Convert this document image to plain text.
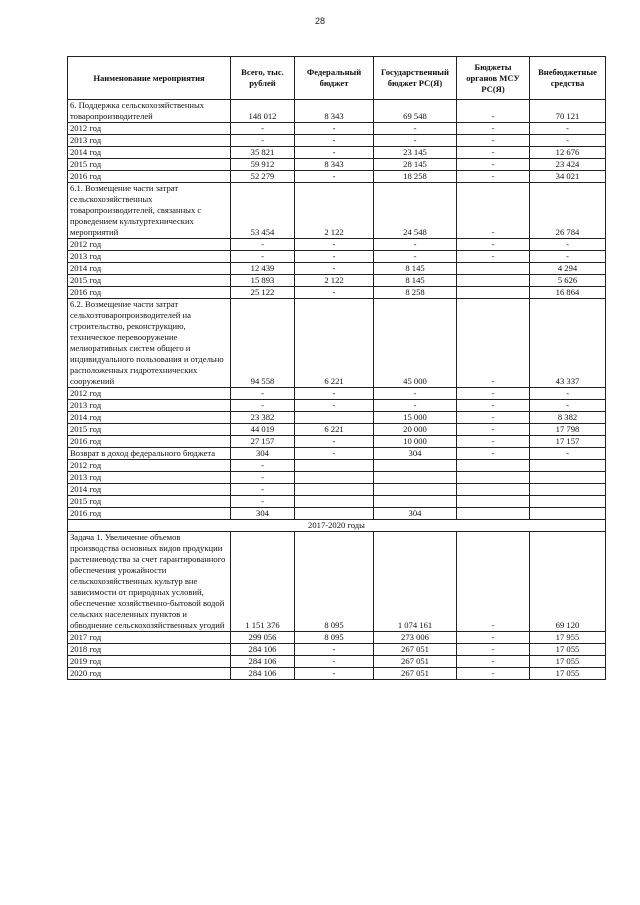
28
Наименование мероприятия	Всего, тыс. рублей	Федеральный бюджет	Государственный бюджет РС(Я)	Бюджеты органов МСУ РС(Я)	Внебюджетные средства
6. Поддержка сельскохозяйственных товаропроизводителей	148 012	8 343	69 548	-	70 121
2012 год	-	-	-	-	-
2013 год	-	-	-	-	-
2014 год	35 821	-	23 145	-	12 676
2015 год	59 912	8 343	28 145	-	23 424
2016 год	52 279	-	18 258	-	34 021
6.1. Возмещение части затрат сельскохозяйственных товаропроизводителей, связанных с проведением культуртехнических мероприятий	53 454	2 122	24 548	-	26 784
2012 год	-	-	-	-	-
2013 год	-	-	-	-	-
2014 год	12 439	-	8 145		4 294
2015 год	15 893	2 122	8 145		5 626
2016 год	25 122	-	8 258		16 864
6.2. Возмещение части затрат сельхозтоваропроизводителей на строительство, реконструкцию, техническое перевооружение мелиоративных систем общего и индивидуального пользования и отдельно расположенных гидротехнических сооружений	94 558	6 221	45 000	-	43 337
2012 год	-	-	-	-	-
2013 год	-	-	-	-	-
2014 год	23 382		15 000	-	8 382
2015 год	44 019	6 221	20 000	-	17 798
2016 год	27 157	-	10 000	-	17 157
Возврат в доход федерального бюджета	304	-	304	-	-
2012 год	-				
2013 год	-				
2014 год	-				
2015 год	-				
2016 год	304		304		
2017-2020 годы					
Задача 1. Увеличение объемов производства основных видов продукции растениеводства за счет гарантированного обеспечения урожайности сельскохозяйственных культур вне зависимости от природных условий, обеспечение хозяйственно-бытовой водой сельских населенных пунктов и обводнение сельскохозяйственных угодий	1 151 376	8 095	1 074 161	-	69 120
2017 год	299 056	8 095	273 006	-	17 955
2018 год	284 106	-	267 051	-	17 055
2019 год	284 106	-	267 051	-	17 055
2020 год	284 106	-	267 051	-	17 055
